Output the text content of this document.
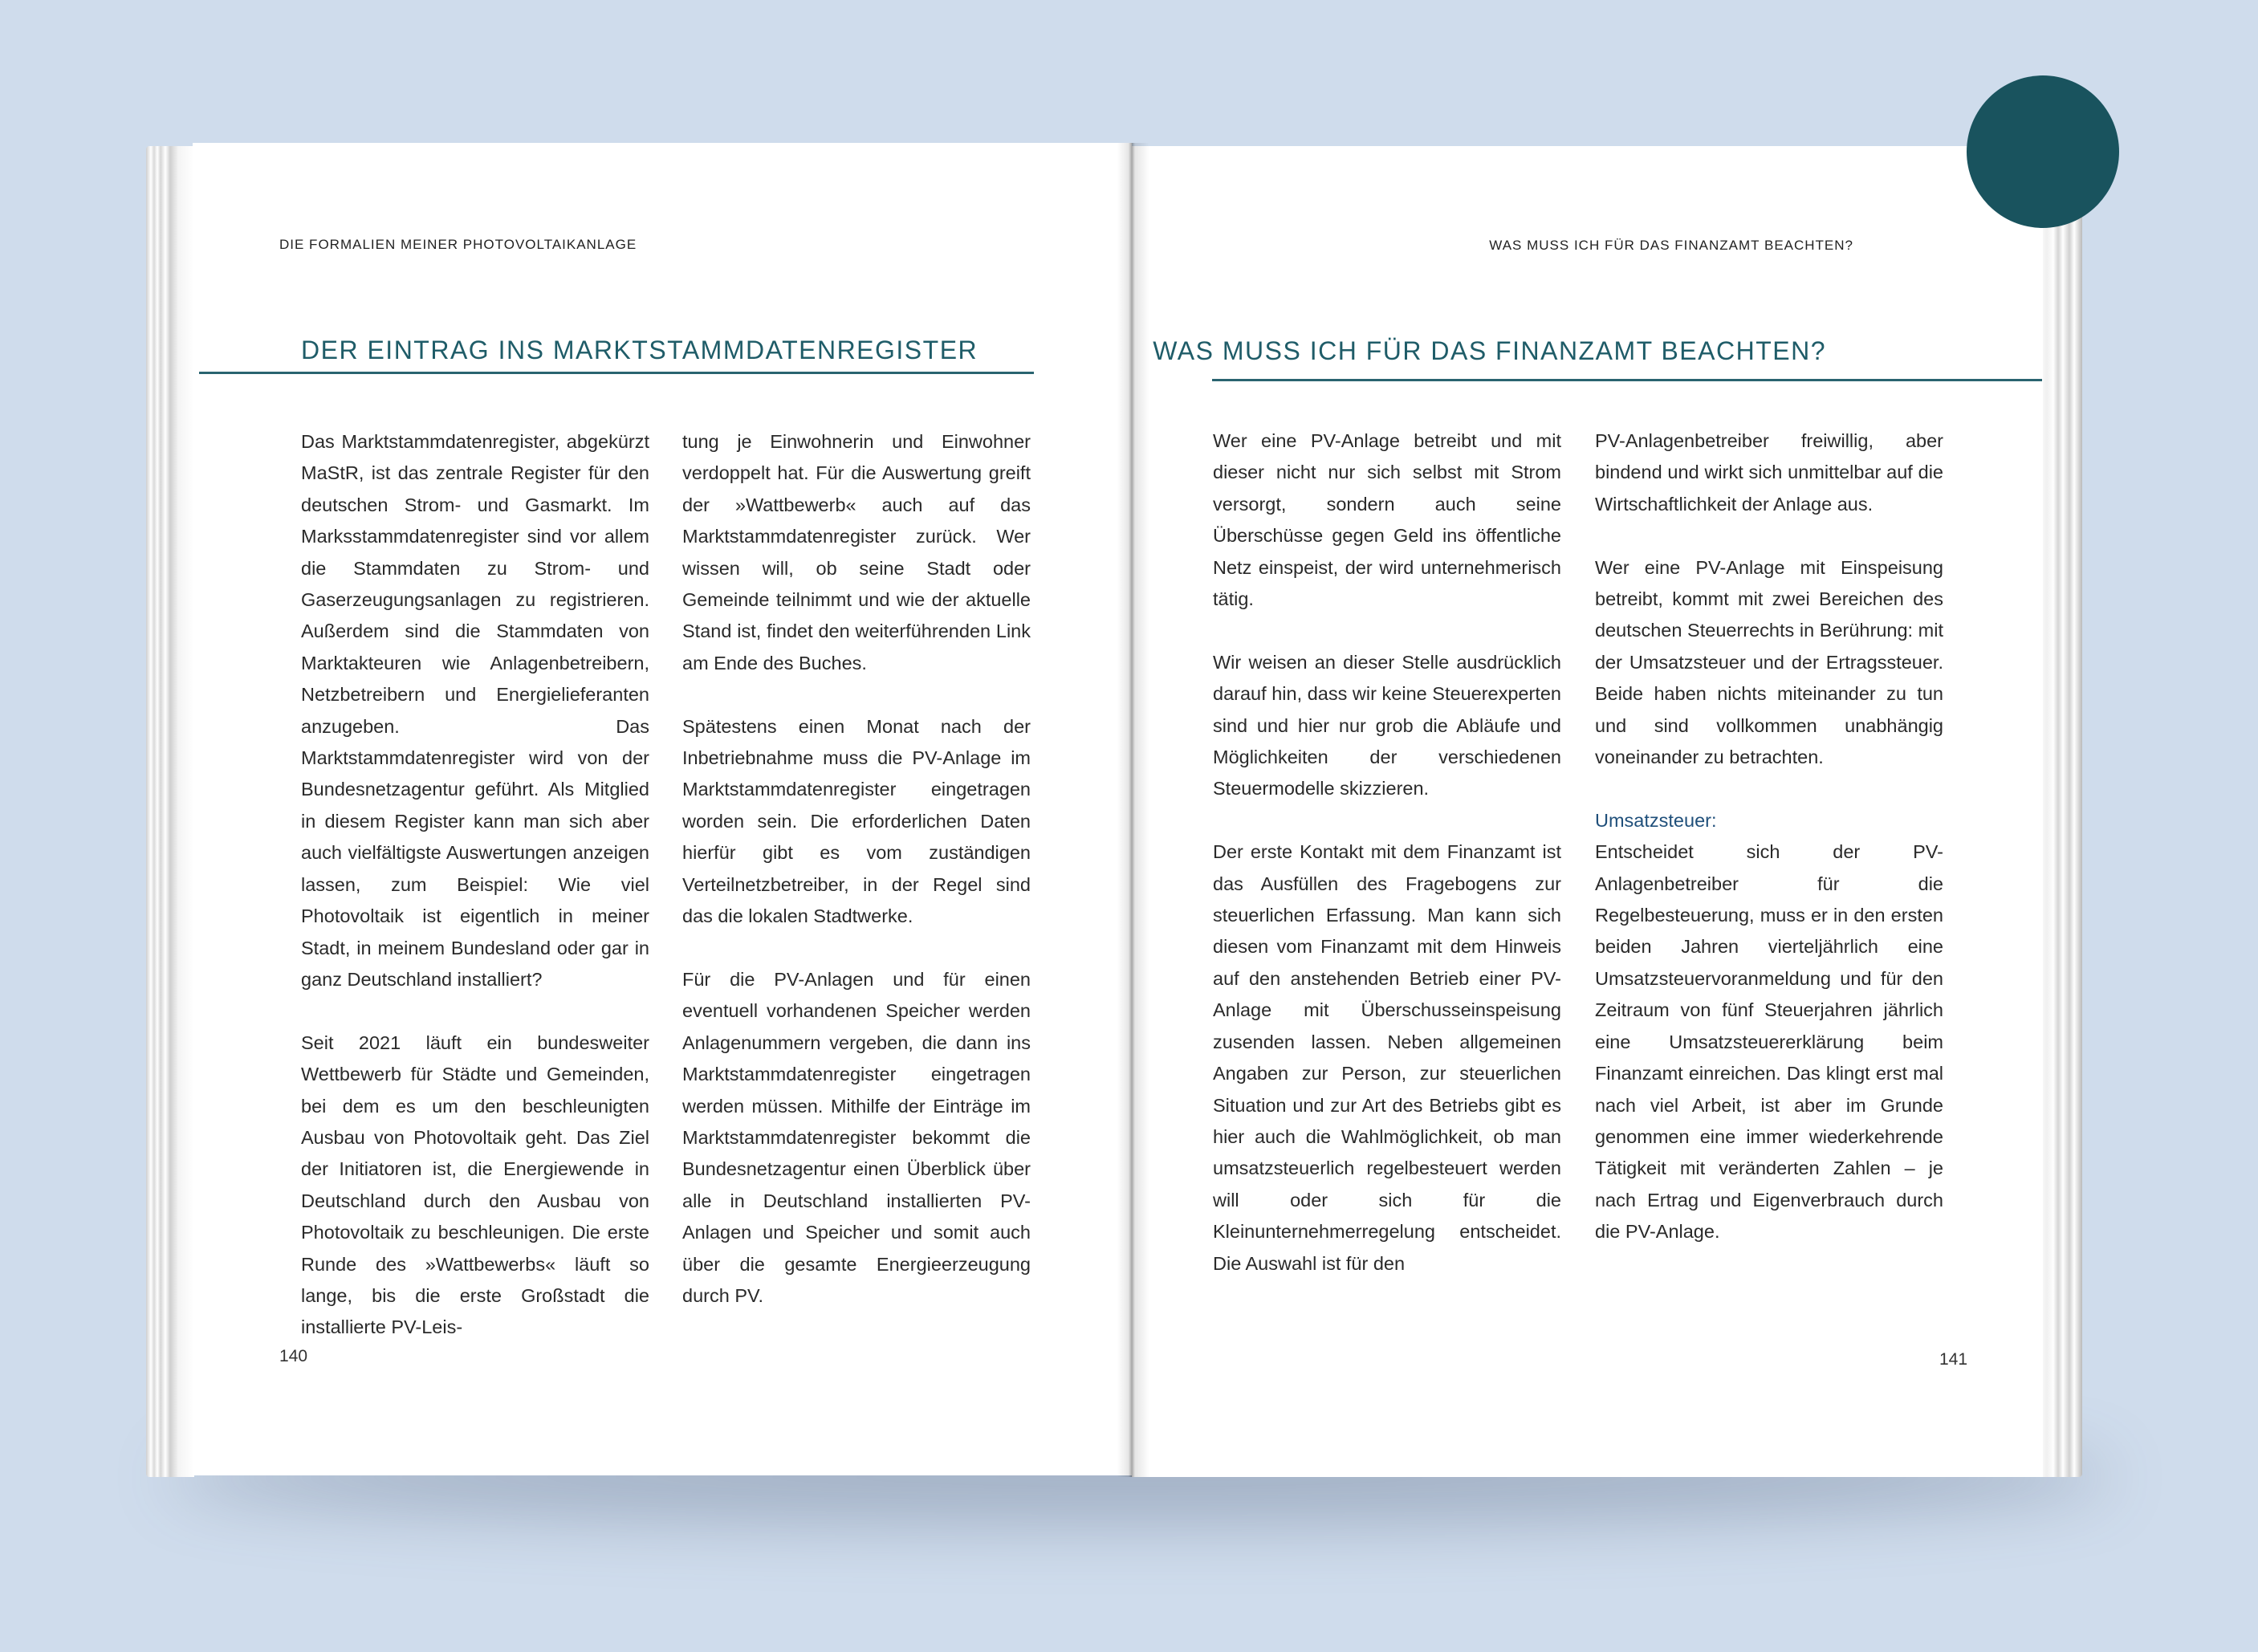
DIE FORMALIEN MEINER PHOTOVOLTAIKANLAGE
DER EINTRAG INS MARKTSTAMMDATENREGISTER

Das Marktstammdatenregister, abgekürzt MaStR, ist das zentrale Register für den deutschen Strom- und Gasmarkt. Im Marksstammdatenregister sind vor allem die Stammdaten zu Strom- und Gaserzeugungsanlagen zu registrieren. Außerdem sind die Stammdaten von Marktakteuren wie Anlagenbetreibern, Netzbetreibern und Energielieferanten anzugeben. Das Marktstammdatenregister wird von der Bundesnetzagentur geführt. Als Mitglied in diesem Register kann man sich aber auch vielfältigste Auswertungen anzeigen lassen, zum Beispiel: Wie viel Photovoltaik ist eigentlich in meiner Stadt, in meinem Bundesland oder gar in ganz Deutschland installiert?

Seit 2021 läuft ein bundesweiter Wettbewerb für Städte und Gemeinden, bei dem es um den beschleunigten Ausbau von Photovoltaik geht. Das Ziel der Initiatoren ist, die Energiewende in Deutschland durch den Ausbau von Photovoltaik zu beschleunigen. Die erste Runde des »Wattbewerbs« läuft so lange, bis die erste Großstadt die installierte PV-Leis-

tung je Einwohnerin und Einwohner verdoppelt hat. Für die Auswertung greift der »Wattbewerb« auch auf das Marktstammdatenregister zurück. Wer wissen will, ob seine Stadt oder Gemeinde teilnimmt und wie der aktuelle Stand ist, findet den weiterführenden Link am Ende des Buches.

Spätestens einen Monat nach der Inbetriebnahme muss die PV-Anlage im Marktstammdatenregister eingetragen worden sein. Die erforderlichen Daten hierfür gibt es vom zuständigen Verteilnetzbetreiber, in der Regel sind das die lokalen Stadtwerke.

Für die PV-Anlagen und für einen eventuell vorhandenen Speicher werden Anlagenummern vergeben, die dann ins Marktstammdatenregister eingetragen werden müssen. Mithilfe der Einträge im Marktstammdatenregister bekommt die Bundesnetzagentur einen Überblick über alle in Deutschland installierten PV-Anlagen und Speicher und somit auch über die gesamte Energieerzeugung durch PV.

140
WAS MUSS ICH FÜR DAS FINANZAMT BEACHTEN?
WAS MUSS ICH FÜR DAS FINANZAMT BEACHTEN?

Wer eine PV-Anlage betreibt und mit dieser nicht nur sich selbst mit Strom versorgt, sondern auch seine Überschüsse gegen Geld ins öffentliche Netz einspeist, der wird unternehmerisch tätig.

Wir weisen an dieser Stelle ausdrücklich darauf hin, dass wir keine Steuerexperten sind und hier nur grob die Abläufe und Möglichkeiten der verschiedenen Steuermodelle skizzieren.

Der erste Kontakt mit dem Finanzamt ist das Ausfüllen des Fragebogens zur steuerlichen Erfassung. Man kann sich diesen vom Finanzamt mit dem Hinweis auf den anstehenden Betrieb einer PV-Anlage mit Überschusseinspeisung zusenden lassen. Neben allgemeinen Angaben zur Person, zur steuerlichen Situation und zur Art des Betriebs gibt es hier auch die Wahlmöglichkeit, ob man umsatzsteuerlich regelbesteuert werden will oder sich für die Kleinunternehmerregelung entscheidet. Die Auswahl ist für den

PV-Anlagenbetreiber freiwillig, aber bindend und wirkt sich unmittelbar auf die Wirtschaftlichkeit der Anlage aus.

Wer eine PV-Anlage mit Einspeisung betreibt, kommt mit zwei Bereichen des deutschen Steuerrechts in Berührung: mit der Umsatzsteuer und der Ertragssteuer. Beide haben nichts miteinander zu tun und sind vollkommen unabhängig voneinander zu betrachten.

Umsatzsteuer:

Entscheidet sich der PV-Anlagenbetreiber für die Regelbesteuerung, muss er in den ersten beiden Jahren vierteljährlich eine Umsatzsteuervoranmeldung und für den Zeitraum von fünf Steuerjahren jährlich eine Umsatzsteuererklärung beim Finanzamt einreichen. Das klingt erst mal nach viel Arbeit, ist aber im Grunde genommen eine immer wiederkehrende Tätigkeit mit veränderten Zahlen – je nach Ertrag und Eigenverbrauch durch die PV-Anlage.

141
